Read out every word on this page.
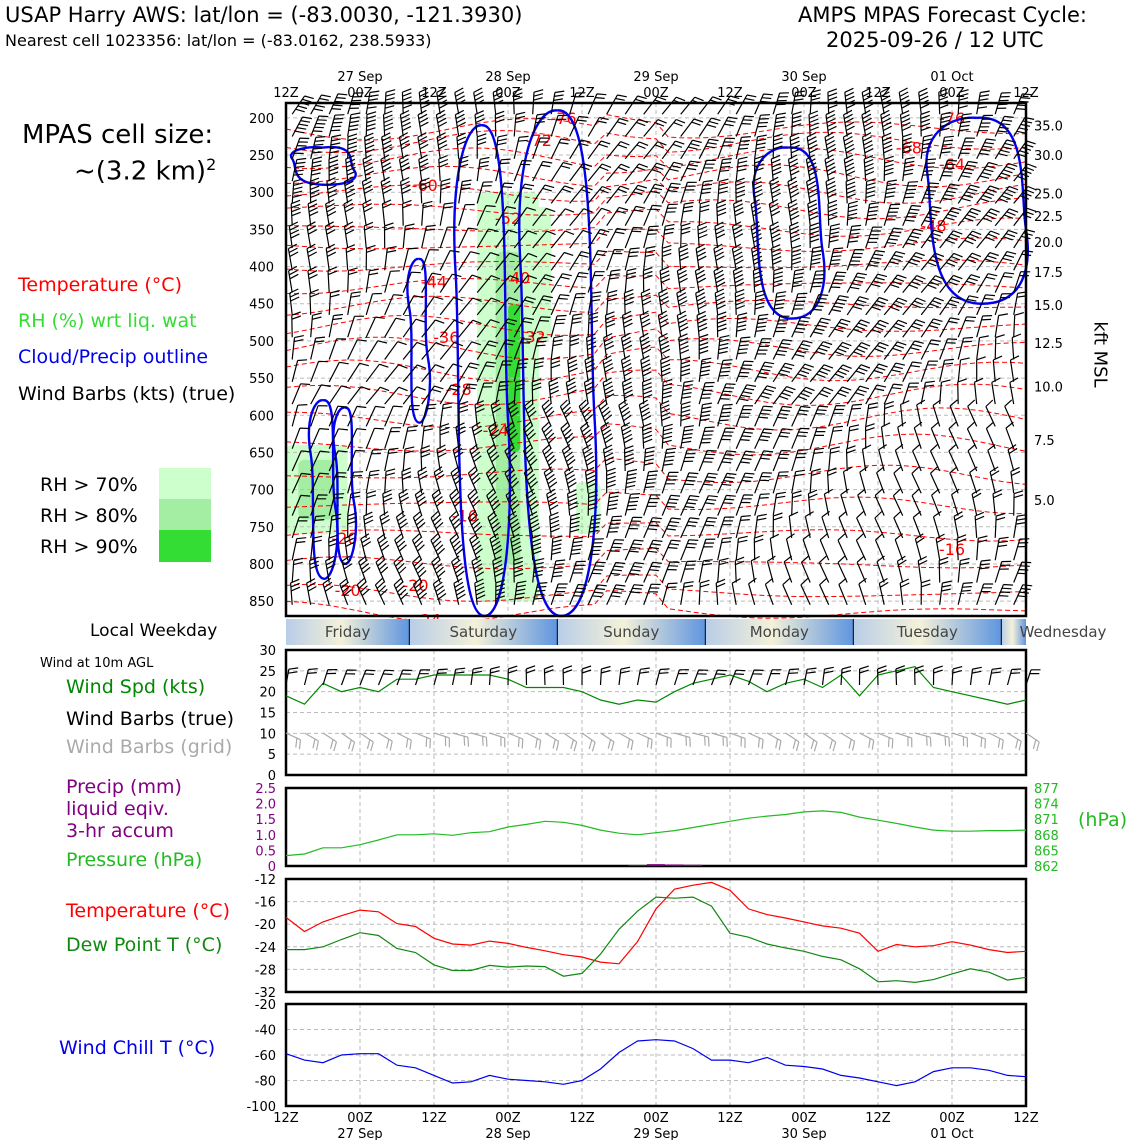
USAP Harry AWS: lat/lon = (-83.0030, -121.3930)
Nearest cell 1023356: lat/lon = (-83.0162, 238.5933)
AMPS MPAS Forecast Cycle:
2025-09-26 / 12 UTC
MPAS cell size:
~(3.2 km)$^2$
Temperature (°C)
RH (%) wrt liq. wat
Cloud/Precip outline
Wind Barbs (kts) (true)
RH > 70%
RH > 80%
RH > 90%
Local Weekday
Wind at 10m AGL
Wind Spd (kts)
Wind Barbs (true)
Wind Barbs (grid)
Precip (mm)
liquid eqiv.
3-hr accum
Pressure (hPa)
Temperature (°C)
Dew Point T (°C)
Wind Chill T (°C)
(hPa)
kft MSL
-76	-76
-72	-68
-64
-60
-52	-48
-44	-40
-36	-32
-28
-24
-20
-16
-16
-20	-20
Friday	Saturday	Sunday	Monday	Tuesday	Wednesday
0
5
10
15
20
25
30
0
0.5
1.0
1.5
2.0
2.5
862
865
868
871
874
877
-32
-28
-24
-20
-16
-12
-100
-80
-60
-40
-20
200
250
300
350
400
450
500
550
600
650
700
750
800
850
35.0
30.0
25.0
22.5
20.0
17.5
15.0
12.5
10.0
7.5
5.0
12Z	00Z	12Z	00Z	12Z	00Z	12Z	00Z	12Z	00Z	12Z
12Z	00Z	12Z	00Z	12Z	00Z	12Z	00Z	12Z	00Z	12Z
27 Sep
27 Sep
28 Sep
28 Sep
29 Sep
29 Sep
30 Sep
30 Sep
01 Oct
01 Oct
